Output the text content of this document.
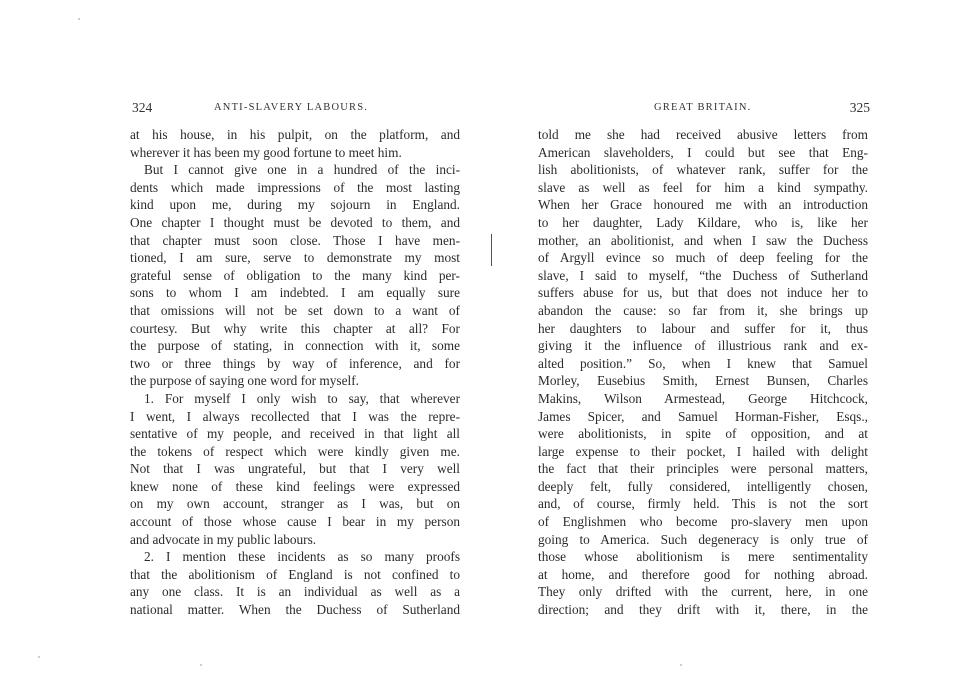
324	ANTI-SLAVERY LABOURS.
at his house, in his pulpit, on the platform, and
wherever it has been my good fortune to meet him.
But I cannot give one in a hundred of the inci-
dents which made impressions of the most lasting
kind upon me, during my sojourn in England.
One chapter I thought must be devoted to them, and
that chapter must soon close. Those I have men-
tioned, I am sure, serve to demonstrate my most
grateful sense of obligation to the many kind per-
sons to whom I am indebted. I am equally sure
that omissions will not be set down to a want of
courtesy. But why write this chapter at all? For
the purpose of stating, in connection with it, some
two or three things by way of inference, and for
the purpose of saying one word for myself.
1. For myself I only wish to say, that wherever
I went, I always recollected that I was the repre-
sentative of my people, and received in that light all
the tokens of respect which were kindly given me.
Not that I was ungrateful, but that I very well
knew none of these kind feelings were expressed
on my own account, stranger as I was, but on
account of those whose cause I bear in my person
and advocate in my public labours.
2. I mention these incidents as so many proofs
that the abolitionism of England is not confined to
any one class. It is an individual as well as a
national matter. When the Duchess of Sutherland
GREAT BRITAIN.	325
told me she had received abusive letters from
American slaveholders, I could but see that Eng-
lish abolitionists, of whatever rank, suffer for the
slave as well as feel for him a kind sympathy.
When her Grace honoured me with an introduction
to her daughter, Lady Kildare, who is, like her
mother, an abolitionist, and when I saw the Duchess
of Argyll evince so much of deep feeling for the
slave, I said to myself, “the Duchess of Sutherland
suffers abuse for us, but that does not induce her to
abandon the cause: so far from it, she brings up
her daughters to labour and suffer for it, thus
giving it the influence of illustrious rank and ex-
alted position.” So, when I knew that Samuel
Morley, Eusebius Smith, Ernest Bunsen, Charles
Makins, Wilson Armestead, George Hitchcock,
James Spicer, and Samuel Horman-Fisher, Esqs.,
were abolitionists, in spite of opposition, and at
large expense to their pocket, I hailed with delight
the fact that their principles were personal matters,
deeply felt, fully considered, intelligently chosen,
and, of course, firmly held. This is not the sort
of Englishmen who become pro-slavery men upon
going to America. Such degeneracy is only true of
those whose abolitionism is mere sentimentality
at home, and therefore good for nothing abroad.
They only drifted with the current, here, in one
direction; and they drift with it, there, in the
